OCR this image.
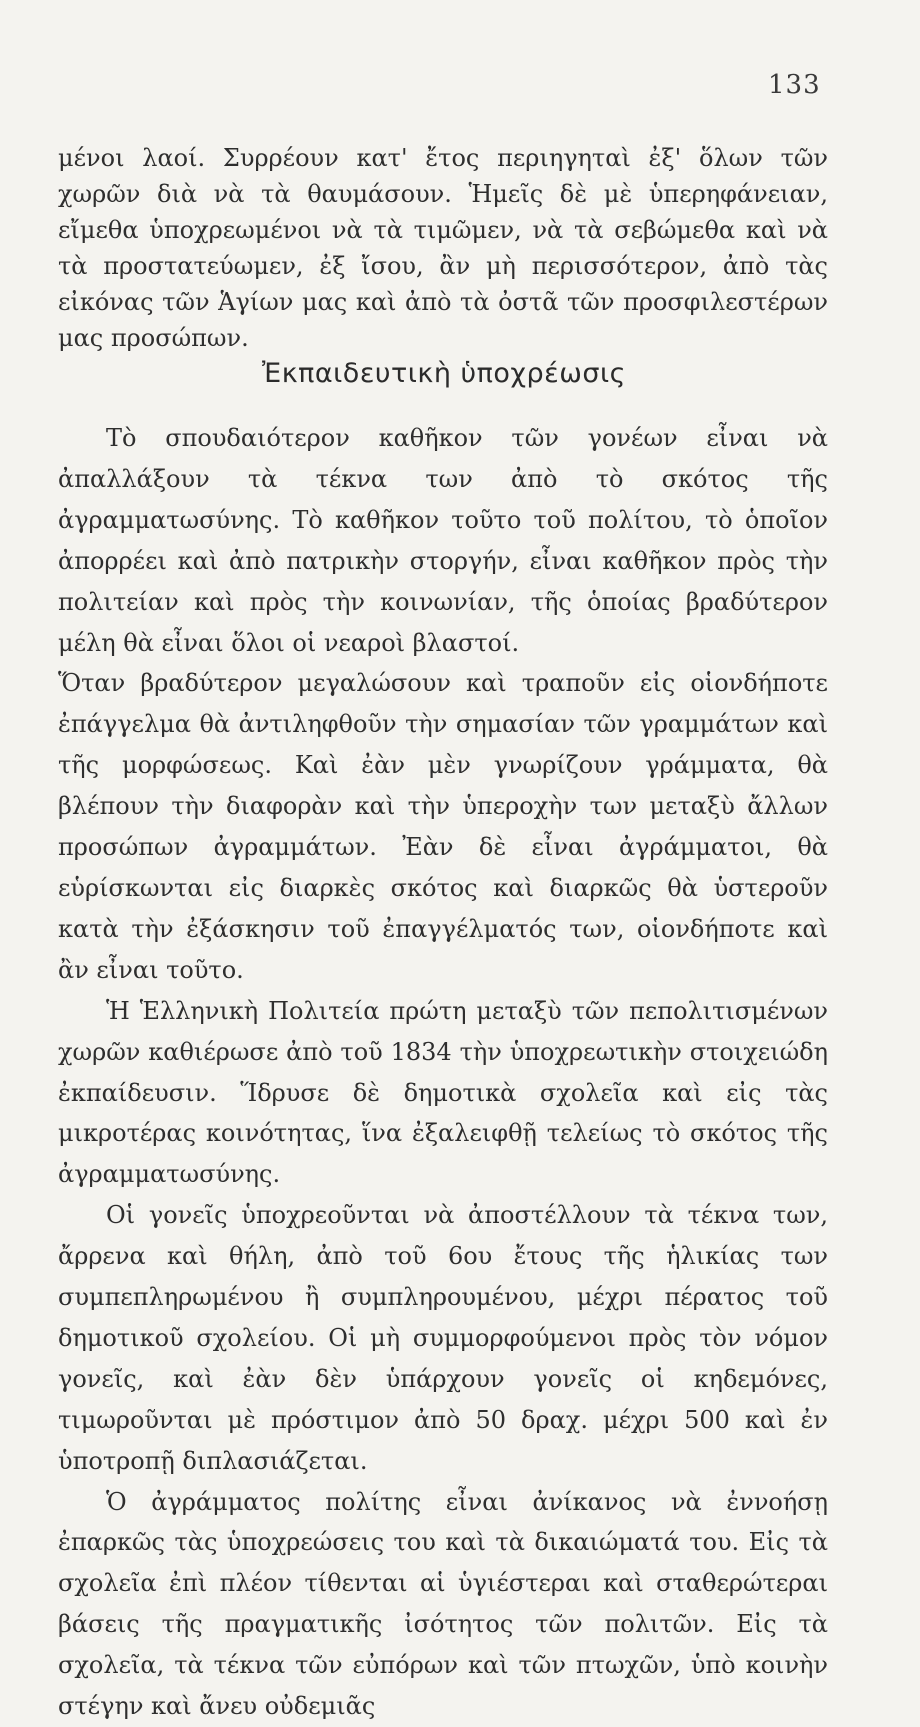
133

μένοι λαοί. Συρρέουν κατ' ἔτος περιηγηταὶ ἐξ' ὅλων τῶν χωρῶν διὰ νὰ τὰ θαυμάσουν. Ἡμεῖς δὲ μὲ ὑπερηφάνειαν, εἴμεθα ὑποχρεωμένοι νὰ τὰ τιμῶμεν, νὰ τὰ σεβώμεθα καὶ νὰ τὰ προστατεύωμεν, ἐξ ἴσου, ἂν μὴ περισσότερον, ἀπὸ τὰς εἰκόνας τῶν Ἁγίων μας καὶ ἀπὸ τὰ ὀστᾶ τῶν προσφιλεστέρων μας προσώπων.

Ἐκπαιδευτικὴ ὑποχρέωσις

Τὸ σπουδαιότερον καθῆκον τῶν γονέων εἶναι νὰ ἀπαλλάξουν τὰ τέκνα των ἀπὸ τὸ σκότος τῆς ἀγραμματωσύνης. Τὸ καθῆκον τοῦτο τοῦ πολίτου, τὸ ὁποῖον ἀπορρέει καὶ ἀπὸ πατρικὴν στοργήν, εἶναι καθῆκον πρὸς τὴν πολιτείαν καὶ πρὸς τὴν κοινωνίαν, τῆς ὁποίας βραδύτερον μέλη θὰ εἶναι ὅλοι οἱ νεαροὶ βλαστοί.

Ὅταν βραδύτερον μεγαλώσουν καὶ τραποῦν εἰς οἱονδήποτε ἐπάγγελμα θὰ ἀντιληφθοῦν τὴν σημασίαν τῶν γραμμάτων καὶ τῆς μορφώσεως. Καὶ ἐὰν μὲν γνωρίζουν γράμματα, θὰ βλέπουν τὴν διαφορὰν καὶ τὴν ὑπεροχὴν των μεταξὺ ἄλλων προσώπων ἀγραμμάτων. Ἐὰν δὲ εἶναι ἀγράμματοι, θὰ εὑρίσκωνται εἰς διαρκὲς σκότος καὶ διαρκῶς θὰ ὑστεροῦν κατὰ τὴν ἐξάσκησιν τοῦ ἐπαγγέλματός των, οἱονδήποτε καὶ ἂν εἶναι τοῦτο.

Ἡ Ἑλληνικὴ Πολιτεία πρώτη μεταξὺ τῶν πεπολιτισμένων χωρῶν καθιέρωσε ἀπὸ τοῦ 1834 τὴν ὑποχρεωτικὴν στοιχειώδη ἐκπαίδευσιν. Ἵδρυσε δὲ δημοτικὰ σχολεῖα καὶ εἰς τὰς μικροτέρας κοινότητας, ἵνα ἐξαλειφθῇ τελείως τὸ σκότος τῆς ἀγραμματωσύνης.

Οἱ γονεῖς ὑποχρεοῦνται νὰ ἀποστέλλουν τὰ τέκνα των, ἄρρενα καὶ θήλη, ἀπὸ τοῦ 6ου ἔτους τῆς ἡλικίας των συμπεπληρωμένου ἢ συμπληρουμένου, μέχρι πέρατος τοῦ δημοτικοῦ σχολείου. Οἱ μὴ συμμορφούμενοι πρὸς τὸν νόμον γονεῖς, καὶ ἐὰν δὲν ὑπάρχουν γονεῖς οἱ κηδεμόνες, τιμωροῦνται μὲ πρόστιμον ἀπὸ 50 δραχ. μέχρι 500 καὶ ἐν ὑποτροπῇ διπλασιάζεται.

Ὁ ἀγράμματος πολίτης εἶναι ἀνίκανος νὰ ἐννοήσῃ ἐπαρκῶς τὰς ὑποχρεώσεις του καὶ τὰ δικαιώματά του. Εἰς τὰ σχολεῖα ἐπὶ πλέον τίθενται αἱ ὑγιέστεραι καὶ σταθερώτεραι βάσεις τῆς πραγματικῆς ἰσότητος τῶν πολιτῶν. Εἰς τὰ σχολεῖα, τὰ τέκνα τῶν εὐπόρων καὶ τῶν πτωχῶν, ὑπὸ κοινὴν στέγην καὶ ἄνευ οὐδεμιᾶς
